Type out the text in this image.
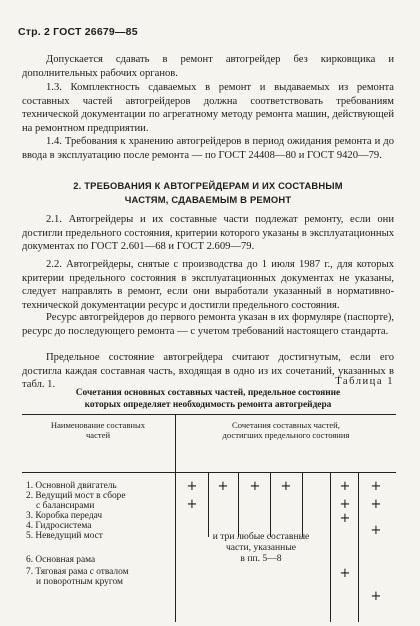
Стр. 2 ГОСТ 26679—85
Допускается сдавать в ремонт автогрейдер без кирковщика и дополнительных рабочих органов.
1.3. Комплектность сдаваемых в ремонт и выдаваемых из ремонта составных частей автогрейдеров должна соответствовать требованиям технической документации по агрегатному методу ремонта машин, действующей на ремонтном предприятии.
1.4. Требования к хранению автогрейдеров в период ожидания ремонта и до ввода в эксплуатацию после ремонта — по ГОСТ 24408—80 и ГОСТ 9420—79.
2. ТРЕБОВАНИЯ К АВТОГРЕЙДЕРАМ И ИХ СОСТАВНЫМ
ЧАСТЯМ, СДАВАЕМЫМ В РЕМОНТ
2.1. Автогрейдеры и их составные части подлежат ремонту, если они достигли предельного состояния, критерии которого указаны в эксплуатационных документах по ГОСТ 2.601—68 и ГОСТ 2.609—79.
2.2. Автогрейдеры, снятые с производства до 1 июля 1987 г., для которых критерии предельного состояния в эксплуатационных документах не указаны, следует направлять в ремонт, если они выработали указанный в нормативно-технической документации ресурс и достигли предельного состояния.
Ресурс автогрейдеров до первого ремонта указан в их формуляре (паспорте), ресурс до последующего ремонта — с учетом требований настоящего стандарта.
Предельное состояние автогрейдера считают достигнутым, если его достигла каждая составная часть, входящая в одно из их сочетаний, указанных в табл. 1.	Таблица 1
Сочетания основных составных частей, предельное состояние
которых определяет необходимость ремонта автогрейдера
Наименование составных
частей
Сочетания составных частей,
достигших предельного состояния
1. Основной двигатель
2. Ведущий мост в сборе
с балансирами
3. Коробка передач
4. Гидросистема
5. Неведущий мост
6. Основная рама
7. Тяговая рама с отвалом
и поворотным кругом
+
+
+ + +	+
+
+
+
+
+
+
+
и три любые составные
части, указанные
в пп. 5—8
